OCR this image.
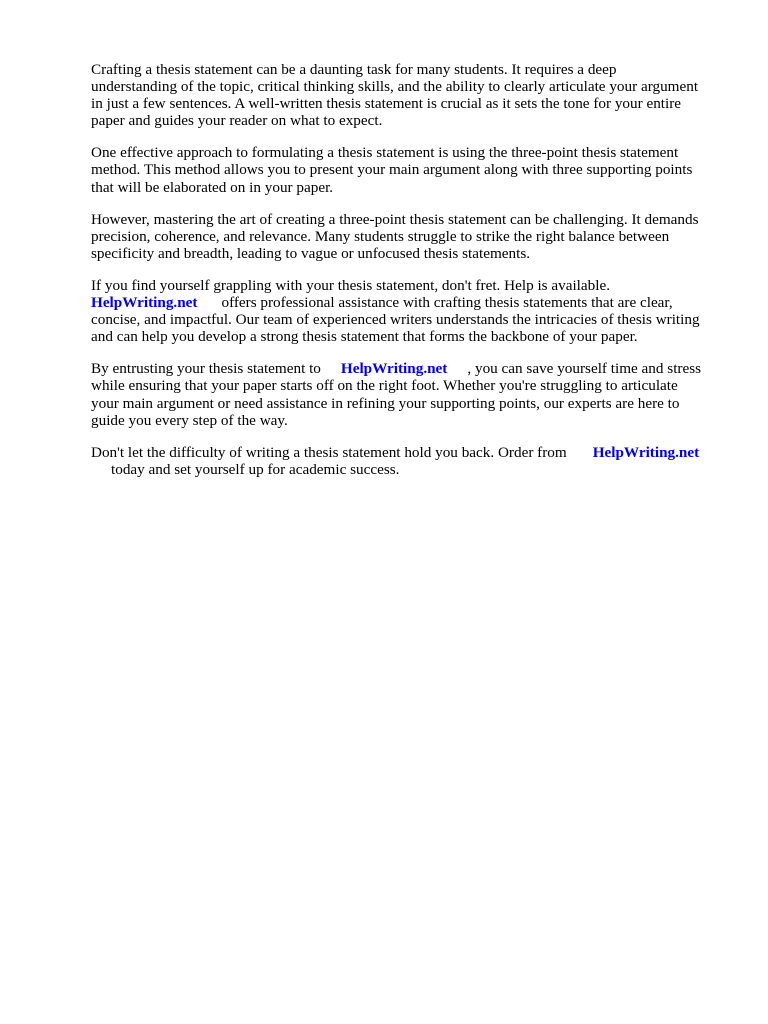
Crafting a thesis statement can be a daunting task for many students. It requires a deep
understanding of the topic, critical thinking skills, and the ability to clearly articulate your argument
in just a few sentences. A well-written thesis statement is crucial as it sets the tone for your entire
paper and guides your reader on what to expect.

One effective approach to formulating a thesis statement is using the three-point thesis statement
method. This method allows you to present your main argument along with three supporting points
that will be elaborated on in your paper.

However, mastering the art of creating a three-point thesis statement can be challenging. It demands
precision, coherence, and relevance. Many students struggle to strike the right balance between
specificity and breadth, leading to vague or unfocused thesis statements.

If you find yourself grappling with your thesis statement, don't fret. Help is available.
HelpWriting.net offers professional assistance with crafting thesis statements that are clear,
concise, and impactful. Our team of experienced writers understands the intricacies of thesis writing
and can help you develop a strong thesis statement that forms the backbone of your paper.

By entrusting your thesis statement to HelpWriting.net , you can save yourself time and stress
while ensuring that your paper starts off on the right foot. Whether you're struggling to articulate
your main argument or need assistance in refining your supporting points, our experts are here to
guide you every step of the way.

Don't let the difficulty of writing a thesis statement hold you back. Order from HelpWriting.net
today and set yourself up for academic success.
